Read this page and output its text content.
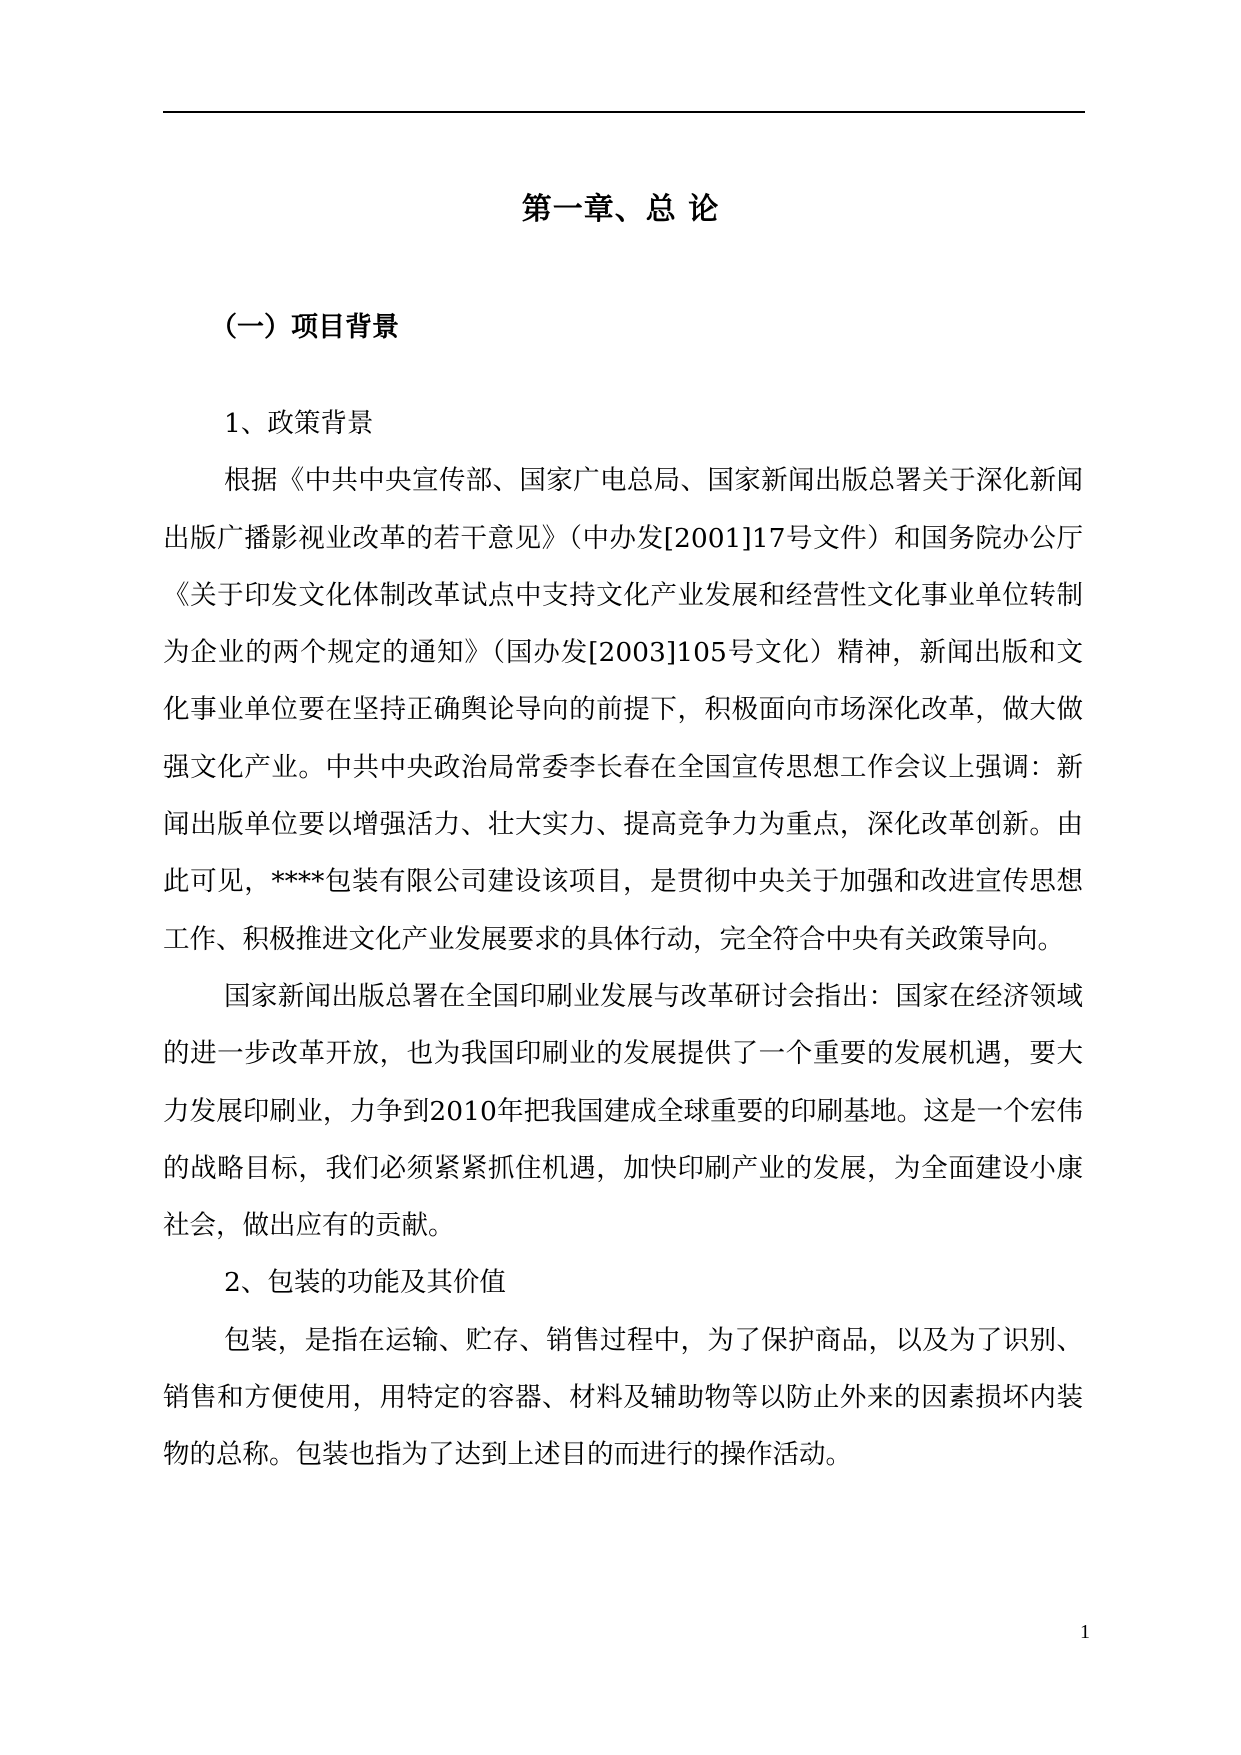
第一章、总 论
（一）项目背景

1、政策背景

根据《中共中央宣传部、国家广电总局、国家新闻出版总署关于深化新闻出版广播影视业改革的若干意见》（中办发[2001]17号文件）和国务院办公厅《关于印发文化体制改革试点中支持文化产业发展和经营性文化事业单位转制为企业的两个规定的通知》（国办发[2003]105号文化）精神，新闻出版和文化事业单位要在坚持正确舆论导向的前提下，积极面向市场深化改革，做大做强文化产业。中共中央政治局常委李长春在全国宣传思想工作会议上强调：新闻出版单位要以增强活力、壮大实力、提高竞争力为重点，深化改革创新。由此可见，****包装有限公司建设该项目，是贯彻中央关于加强和改进宣传思想工作、积极推进文化产业发展要求的具体行动，完全符合中央有关政策导向。

国家新闻出版总署在全国印刷业发展与改革研讨会指出：国家在经济领域的进一步改革开放，也为我国印刷业的发展提供了一个重要的发展机遇，要大力发展印刷业，力争到2010年把我国建成全球重要的印刷基地。这是一个宏伟的战略目标，我们必须紧紧抓住机遇，加快印刷产业的发展，为全面建设小康社会，做出应有的贡献。

2、包装的功能及其价值

包装，是指在运输、贮存、销售过程中，为了保护商品，以及为了识别、销售和方便使用，用特定的容器、材料及辅助物等以防止外来的因素损坏内装物的总称。包装也指为了达到上述目的而进行的操作活动。

1
